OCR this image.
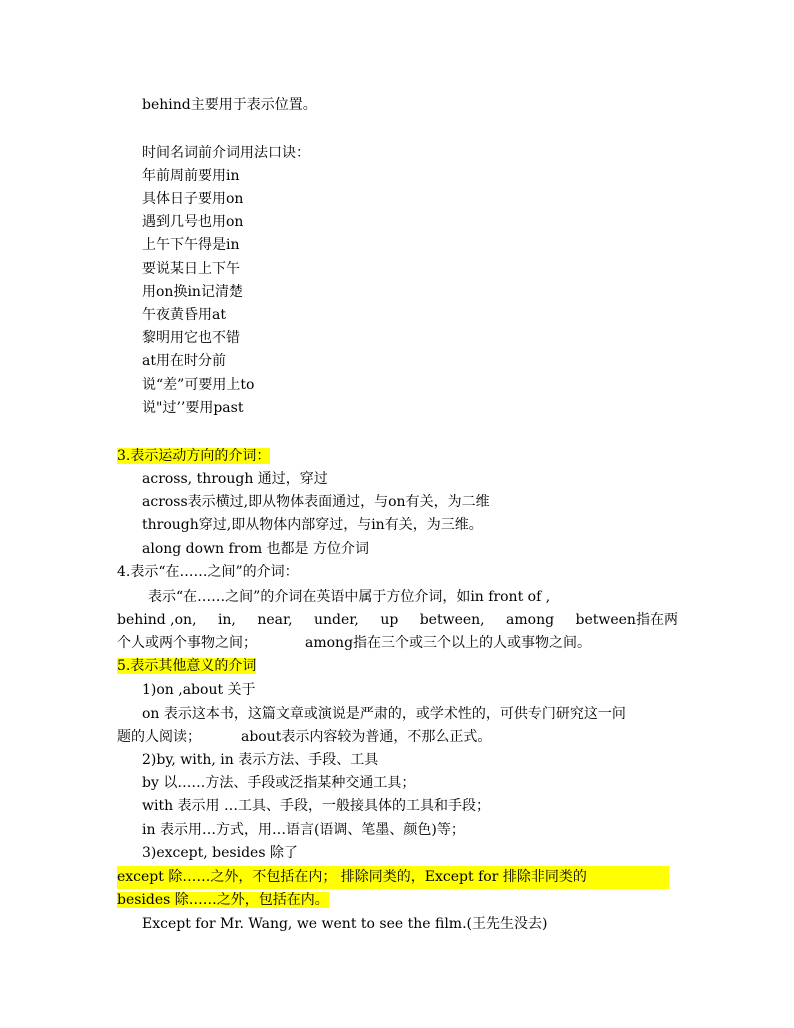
behind主要用于表示位置。
时间名词前介词用法口诀：
年前周前要用in
具体日子要用on
遇到几号也用on
上午下午得是in
要说某日上下午
用on换in记清楚
午夜黄昏用at
黎明用它也不错
at用在时分前
说“差”可要用上to
说"过’’要用past
3.表示运动方向的介词：
across, through 通过，穿过
across表示横过,即从物体表面通过，与on有关，为二维
through穿过,即从物体内部穿过，与in有关，为三维。
along down from 也都是 方位介词
4.表示“在……之间”的介词：
表示“在……之间”的介词在英语中属于方位介词，如in front of ,
behind ,on, in, near, under, up between, among between指在两
个人或两个事物之间；	among指在三个或三个以上的人或事物之间。
5.表示其他意义的介词
1)on ,about 关于
on 表示这本书，这篇文章或演说是严肃的，或学术性的，可供专门研究这一问
题的人阅读；	about表示内容较为普通，不那么正式。
2)by, with, in 表示方法、手段、工具
by 以……方法、手段或泛指某种交通工具；
with 表示用 …工具、手段，一般接具体的工具和手段；
in 表示用…方式，用…语言(语调、笔墨、颜色)等；
3)except, besides 除了
except 除……之外，不包括在内； 排除同类的，Except for 排除非同类的
besides 除……之外，包括在内。
Except for Mr. Wang, we went to see the film.(王先生没去)
